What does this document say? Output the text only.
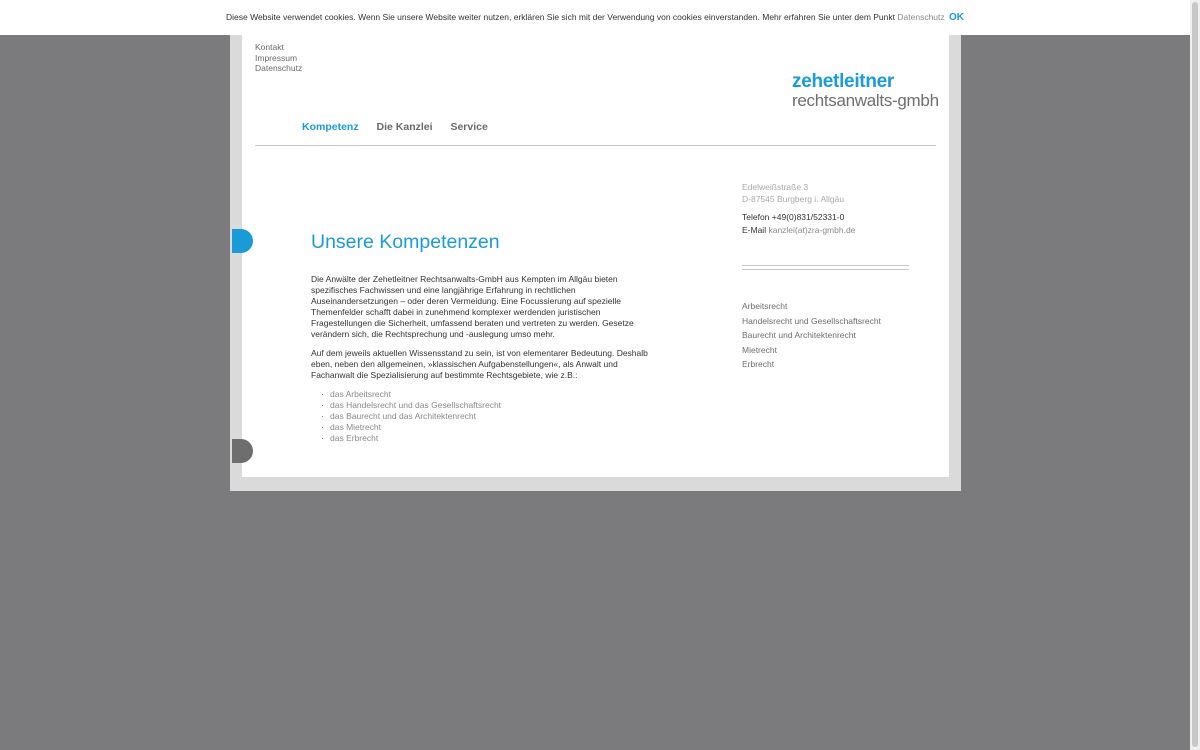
Diese Website verwendet cookies. Wenn Sie unsere Website weiter nutzen, erklären Sie sich mit der Verwendung von cookies einverstanden. Mehr erfahren Sie unter dem Punkt Datenschutz OK
Kontakt
Impressum
Datenschutz
zehetleitner
rechtsanwalts-gmbh
Kompetenz Die Kanzlei Service
Unsere Kompetenzen

Die Anwälte der Zehetleitner Rechtsanwalts-GmbH aus Kempten im Allgäu bieten spezifisches Fachwissen und eine langjährige Erfahrung in rechtlichen Auseinandersetzungen – oder deren Vermeidung. Eine Focussierung auf spezielle Themenfelder schafft dabei in zunehmend komplexer werdenden juristischen Fragestellungen die Sicherheit, umfassend beraten und vertreten zu werden. Gesetze verändern sich, die Rechtsprechung und -auslegung umso mehr.

Auf dem jeweils aktuellen Wissensstand zu sein, ist von elementarer Bedeutung. Deshalb eben, neben den allgemeinen, »klassischen Aufgabenstellungen«, als Anwalt und Fachanwalt die Spezialisierung auf bestimmte Rechtsgebiete, wie z.B.:

· das Arbeitsrecht
· das Handelsrecht und das Gesellschaftsrecht
· das Baurecht und das Architektenrecht
· das Mietrecht
· das Erbrecht
Edelweißstraße 3
D-87545 Burgberg i. Allgäu
Telefon +49(0)831/52331-0
E-Mail kanzlei(at)zra-gmbh.de
Arbeitsrecht
Handelsrecht und Gesellschaftsrecht
Baurecht und Architektenrecht
Mietrecht
Erbrecht
